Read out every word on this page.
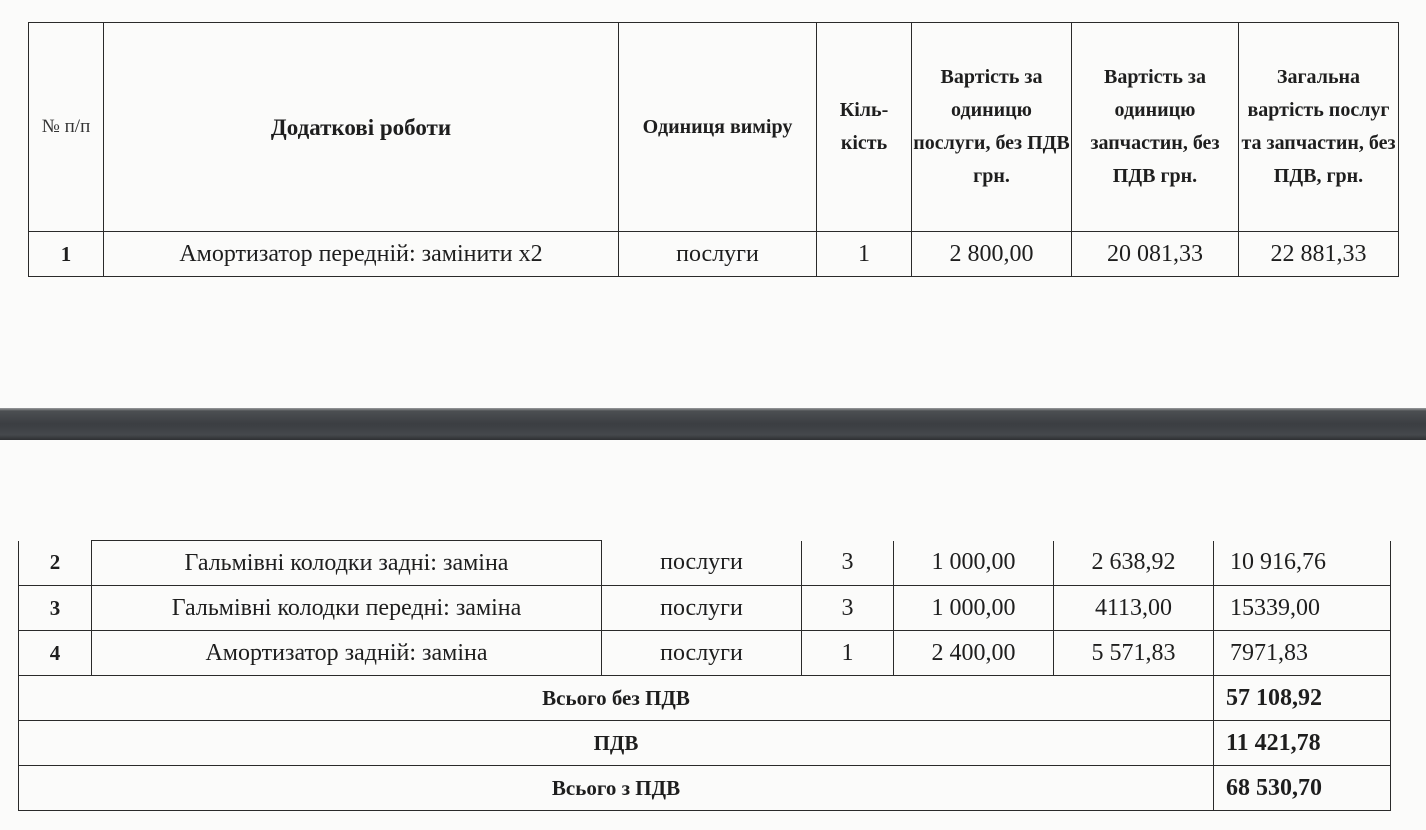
№ п/п	Додаткові роботи	Одиниця виміру	Кіль-кість	Вартість за одиницю послуги, без ПДВ грн.	Вартість за одиницю запчастин, без ПДВ грн.	Загальна вартість послуг та запчастин, без ПДВ, грн.
1	Амортизатор передній: замінити х2	послуги	1	2 800,00	20 081,33	22 881,33
2	Гальмівні колодки задні: заміна	послуги	3	1 000,00	2 638,92	10 916,76
3	Гальмівні колодки передні: заміна	послуги	3	1 000,00	4113,00	15339,00
4	Амортизатор задній: заміна	послуги	1	2 400,00	5 571,83	7971,83
Всього без ПДВ						57 108,92
ПДВ						11 421,78
Всього з ПДВ						68 530,70
